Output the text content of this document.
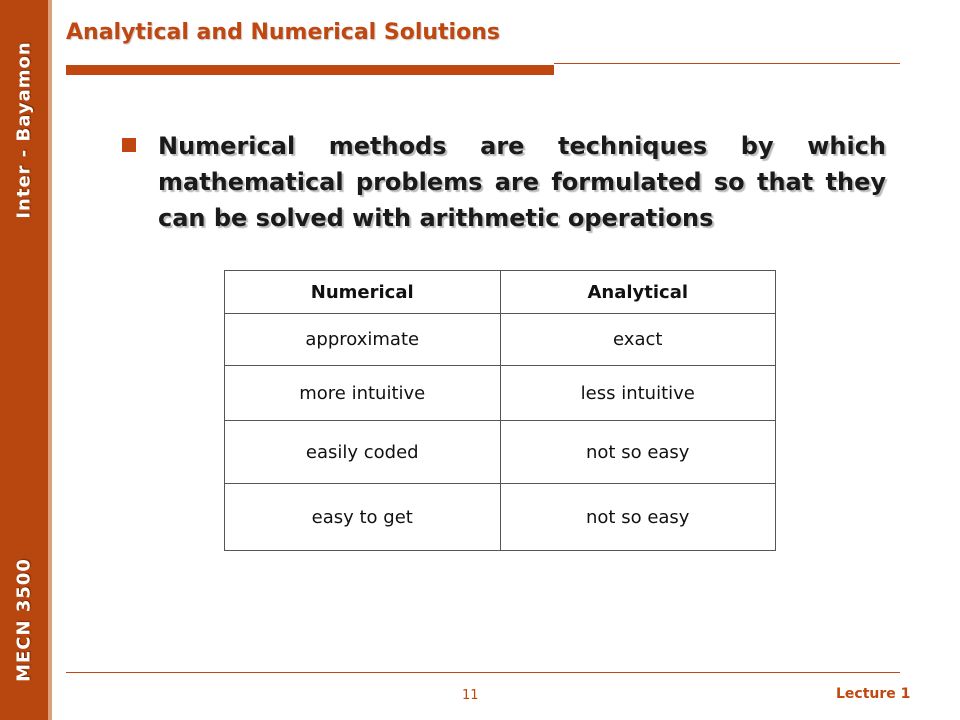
Inter - Bayamon
MECN 3500
Analytical and Numerical Solutions
Numerical methods are techniques by which mathematical problems are formulated so that they can be solved with arithmetic operations
Numerical	Analytical
approximate	exact
more intuitive	less intuitive
easily coded	not so easy
easy to get	not so easy
11	Lecture 1
